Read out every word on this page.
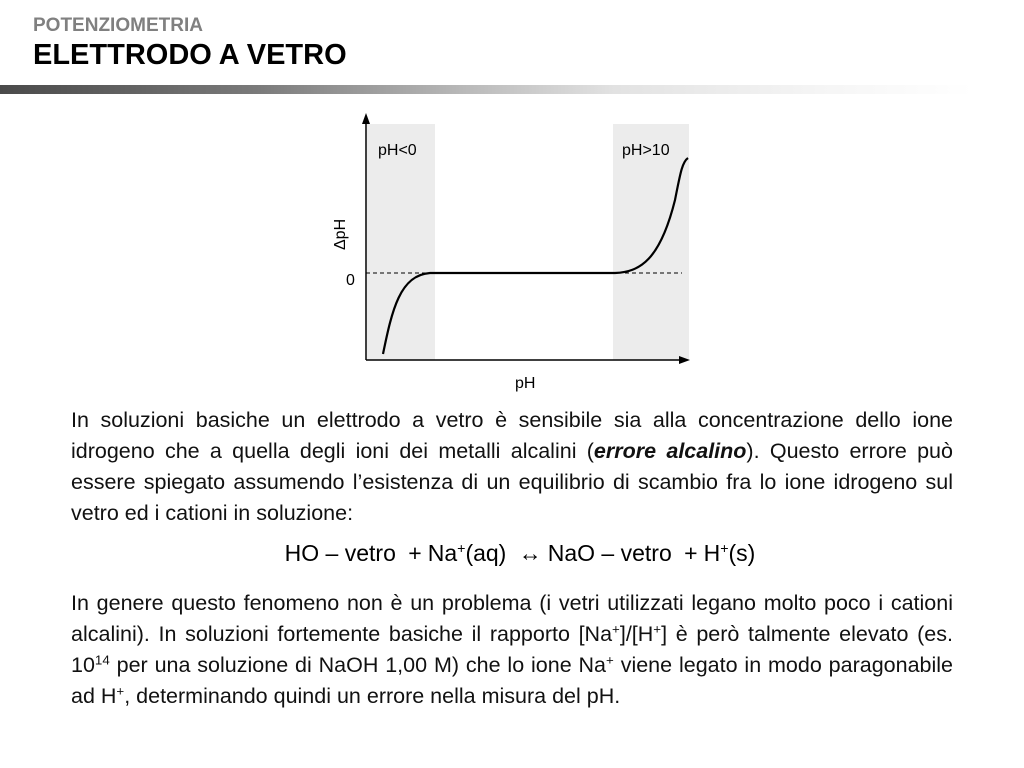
POTENZIOMETRIA
ELETTRODO A VETRO
pH<0	pH>10
ΔpH
0
pH

In soluzioni basiche un elettrodo a vetro è sensibile sia alla concentrazione dello ione idrogeno che a quella degli ioni dei metalli alcalini (errore alcalino). Questo errore può essere spiegato assumendo l’esistenza di un equilibrio di scambio fra lo ione idrogeno sul vetro ed i cationi in soluzione:

HO – vetro + Na+(aq) ↔ NaO – vetro + H+(s)

In genere questo fenomeno non è un problema (i vetri utilizzati legano molto poco i cationi alcalini). In soluzioni fortemente basiche il rapporto [Na+]/[H+] è però talmente elevato (es. $10^{14}$ per una soluzione di NaOH 1,00 M) che lo ione Na+ viene legato in modo paragonabile ad H+, determinando quindi un errore nella misura del pH.
